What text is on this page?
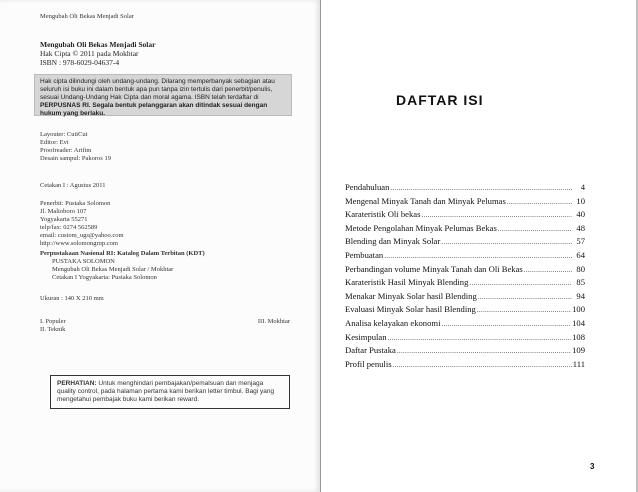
Mengubah Oli Bekas Menjadi Solar
Mengubah Oli Bekas Menjadi Solar
Hak Cipta © 2011 pada Mokhtar
ISBN : 978-6029-04637-4

Hak cipta dilindungi oleh undang-undang. Dilarang memperbanyak sebagian atau seluruh isi buku ini dalam bentuk apa pun tanpa izin tertulis dari penerbit/penulis, sesuai Undang-Undang Hak Cipta dan moral agama. ISBN telah terdaftar di

PERPUSNAS RI. Segala bentuk pelanggaran akan ditindak sesuai dengan hukum yang berlaku.

Layouter: CutiCut
Editor: Evi
Proofreader: Arifim
Desain sampul: Pakoros 19
Cetakan I : Agustus 2011
Penerbit: Pustaka Solomon
Jl. Malioboro 107
Yogyakarta 55271
telp/fax: 0274 562589
email: custom_ugs@yahoo.com
http://www.solomongrup.com
Perpustakaan Nasional RI: Katalog Dalam Terbitan (KDT)
PUSTAKA SOLOMON
Mengubah Oli Bekas Menjadi Solar / Mokhtar
Cetakan I Yogyakarta: Pustaka Solomon
Ukuran : 140 X 210 mm
I. Populer	III. Mokhtar
II. Teknik
PERHATIAN: Untuk menghindari pembajakan/pemalsuan dan menjaga quality control, pada halaman pertama kami berikan letter timbul. Bagi yang mengetahui pembajak buku kami berikan reward.
DAFTAR ISI
Pendahuluan .....	4
Mengenal Minyak Tanah dan Minyak Pelumas .....	10
Karateristik Oli bekas .....	40
Metode Pengolahan Minyak Pelumas Bekas .....	48
Blending dan Minyak Solar .....	57
Pembuatan .....	64
Perbandingan volume Minyak Tanah dan Oli Bekas .....	80
Karateristik Hasil Minyak Blending .....	85
Menakar Minyak Solar hasil Blending .....	94
Evaluasi Minyak Solar hasil Blending .....	100
Analisa kelayakan ekonomi .....	104
Kesimpulan .....	108
Daftar Pustaka .....	109
Profil penulis .....	111
3
